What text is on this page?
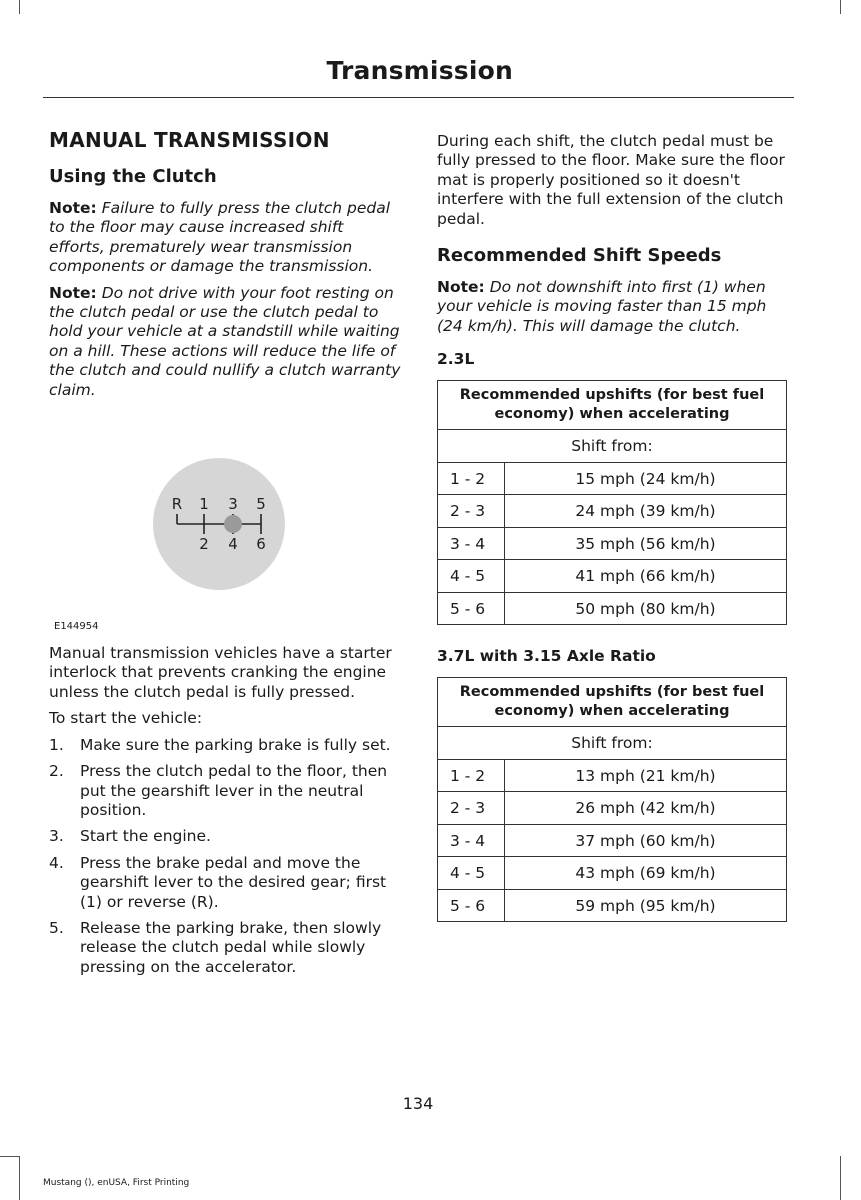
Transmission
MANUAL TRANSMISSION
Using the Clutch

Note: Failure to fully press the clutch pedal to the floor may cause increased shift efforts, prematurely wear transmission components or damage the transmission.

Note: Do not drive with your foot resting on the clutch pedal or use the clutch pedal to hold your vehicle at a standstill while waiting on a hill. These actions will reduce the life of the clutch and could nullify a clutch warranty claim.

R 1 3 5
2 4 6
E144954

Manual transmission vehicles have a starter interlock that prevents cranking the engine unless the clutch pedal is fully pressed.

To start the vehicle:

1.	Make sure the parking brake is fully set.
2.	Press the clutch pedal to the floor, then put the gearshift lever in the neutral position.
3.	Start the engine.
4.	Press the brake pedal and move the gearshift lever to the desired gear; first (1) or reverse (R).
5.	Release the parking brake, then slowly release the clutch pedal while slowly pressing on the accelerator.

During each shift, the clutch pedal must be fully pressed to the floor. Make sure the floor mat is properly positioned so it doesn't interfere with the full extension of the clutch pedal.

Recommended Shift Speeds

Note: Do not downshift into first (1) when your vehicle is moving faster than 15 mph (24 km/h). This will damage the clutch.

2.3L
Recommended upshifts (for best fuel economy) when accelerating	
Shift from:	
1 - 2	15 mph (24 km/h)
2 - 3	24 mph (39 km/h)
3 - 4	35 mph (56 km/h)
4 - 5	41 mph (66 km/h)
5 - 6	50 mph (80 km/h)
3.7L with 3.15 Axle Ratio
Recommended upshifts (for best fuel economy) when accelerating	
Shift from:	
1 - 2	13 mph (21 km/h)
2 - 3	26 mph (42 km/h)
3 - 4	37 mph (60 km/h)
4 - 5	43 mph (69 km/h)
5 - 6	59 mph (95 km/h)
134
Mustang (), enUSA, First Printing
